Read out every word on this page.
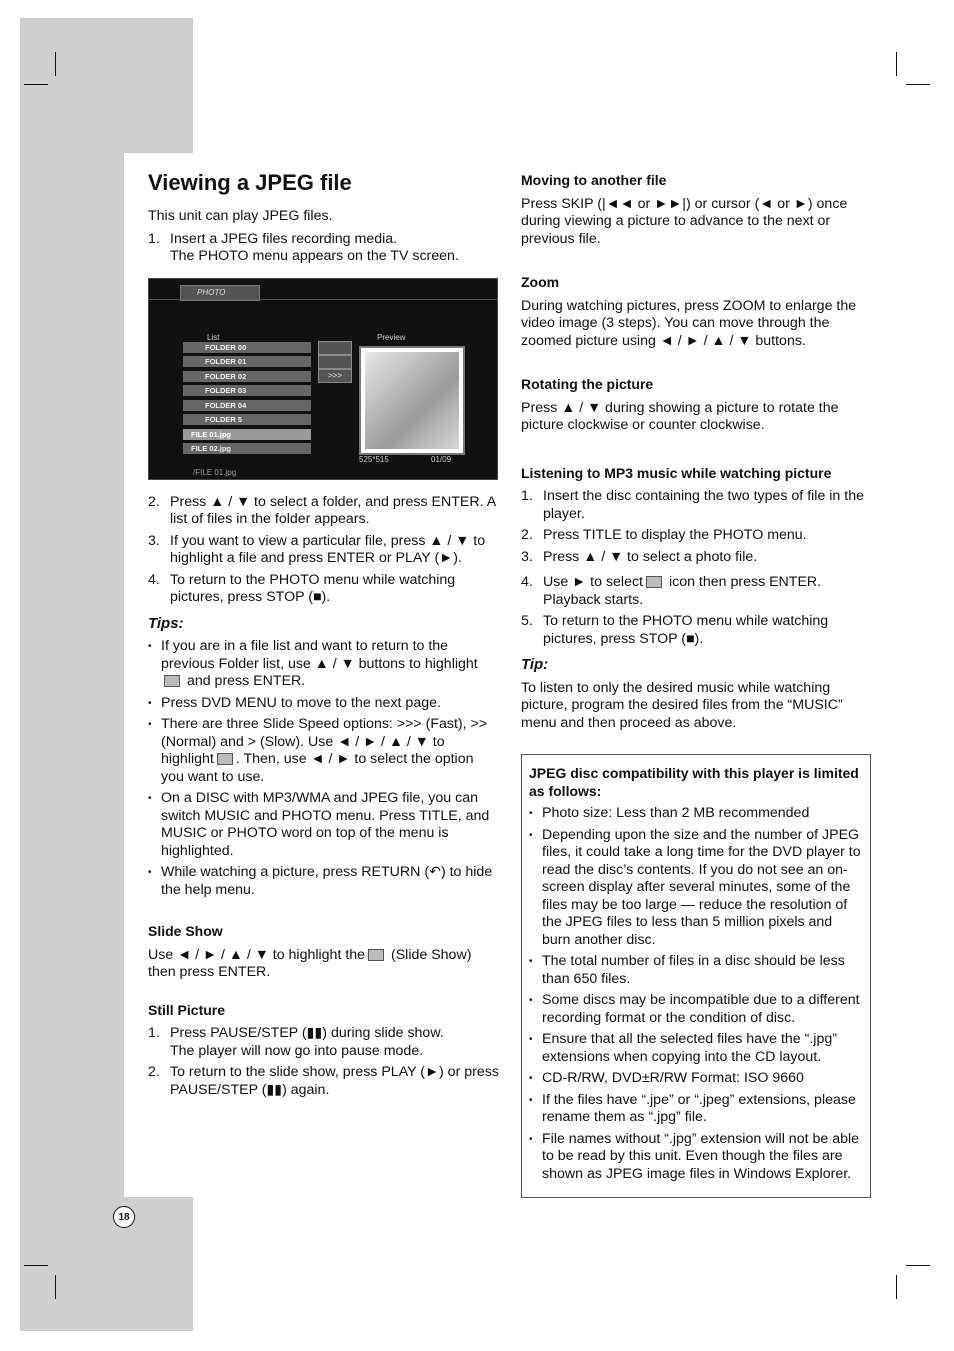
18
Viewing a JPEG file

This unit can play JPEG files.

1. Insert a JPEG files recording media.
The PHOTO menu appears on the TV screen.
PHOTO
List	Preview
FOLDER 00
FOLDER 01
FOLDER 02
FOLDER 03
FOLDER 04
FOLDER 5
FILE 01.jpg
FILE 02.jpg
>>>
/FILE 01.jpg
525*515	01/09
2. Press ▲ / ▼ to select a folder, and press ENTER. A list of files in the folder appears.
3. If you want to view a particular file, press ▲ / ▼ to highlight a file and press ENTER or PLAY (►).
4. To return to the PHOTO menu while watching pictures, press STOP (■).
Tips:
• If you are in a file list and want to return to the previous Folder list, use ▲ / ▼ buttons to highlight
and press ENTER.
• Press DVD MENU to move to the next page.
• There are three Slide Speed options: >>> (Fast), >> (Normal) and > (Slow). Use ◄ / ► / ▲ / ▼ to highlight . Then, use ◄ / ► to select the option you want to use.
• On a DISC with MP3/WMA and JPEG file, you can switch MUSIC and PHOTO menu. Press TITLE, and MUSIC or PHOTO word on top of the menu is highlighted.
• While watching a picture, press RETURN (↶) to hide the help menu.
Slide Show

Use ◄ / ► / ▲ / ▼ to highlight the (Slide Show) then press ENTER.

Still Picture
1. Press PAUSE/STEP (▮▮) during slide show.
The player will now go into pause mode.
2. To return to the slide show, press PLAY (►) or press PAUSE/STEP (▮▮) again.
Moving to another file

Press SKIP (|◄◄ or ►►|) or cursor (◄ or ►) once during viewing a picture to advance to the next or previous file.

Zoom

During watching pictures, press ZOOM to enlarge the video image (3 steps). You can move through the zoomed picture using ◄ / ► / ▲ / ▼ buttons.

Rotating the picture

Press ▲ / ▼ during showing a picture to rotate the picture clockwise or counter clockwise.

Listening to MP3 music while watching picture
1. Insert the disc containing the two types of file in the player.
2. Press TITLE to display the PHOTO menu.
3. Press ▲ / ▼ to select a photo file.
4. Use ► to select icon then press ENTER. Playback starts.
5. To return to the PHOTO menu while watching pictures, press STOP (■).
Tip:

To listen to only the desired music while watching picture, program the desired files from the “MUSIC” menu and then proceed as above.

JPEG disc compatibility with this player is limited as follows:
• Photo size: Less than 2 MB recommended
• Depending upon the size and the number of JPEG files, it could take a long time for the DVD player to read the disc’s contents. If you do not see an on-screen display after several minutes, some of the files may be too large — reduce the resolution of the JPEG files to less than 5 million pixels and burn another disc.
• The total number of files in a disc should be less than 650 files.
• Some discs may be incompatible due to a different recording format or the condition of disc.
• Ensure that all the selected files have the “.jpg” extensions when copying into the CD layout.
• CD-R/RW, DVD±R/RW Format: ISO 9660
• If the files have “.jpe” or “.jpeg” extensions, please rename them as “.jpg” file.
• File names without “.jpg” extension will not be able to be read by this unit. Even though the files are shown as JPEG image files in Windows Explorer.
